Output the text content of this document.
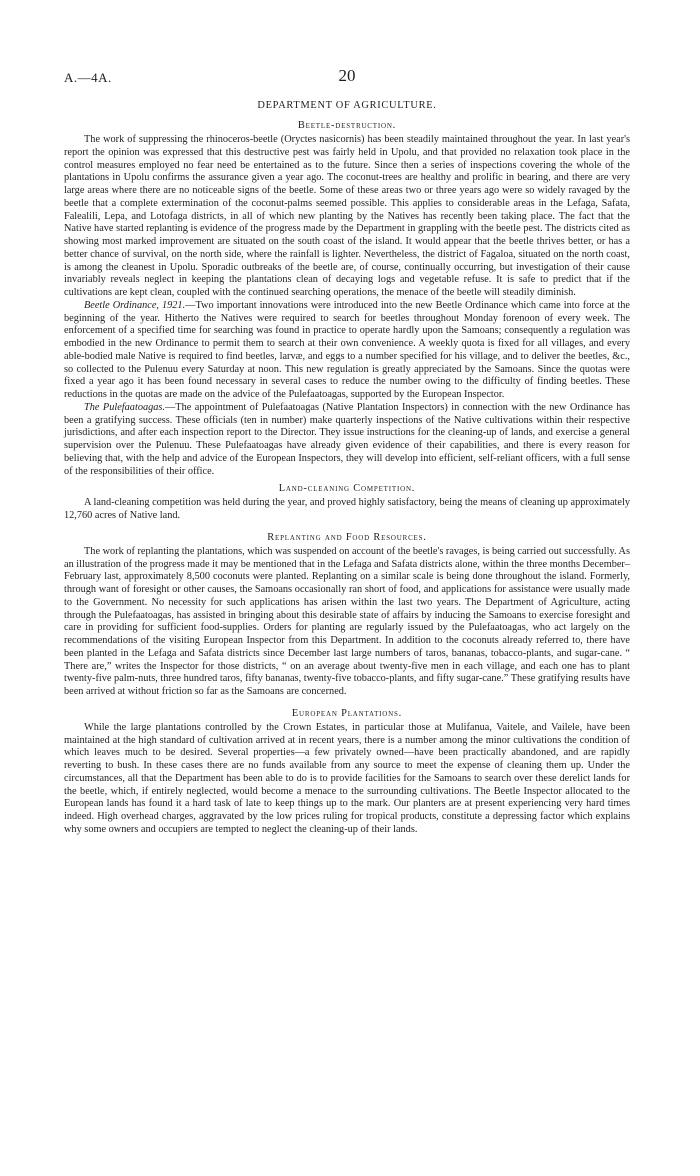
A.—4A.	20
DEPARTMENT OF AGRICULTURE.
Beetle-destruction.

The work of suppressing the rhinoceros-beetle (Oryctes nasicornis) has been steadily maintained throughout the year. In last year's report the opinion was expressed that this destructive pest was fairly held in Upolu, and that provided no relaxation took place in the control measures employed no fear need be entertained as to the future. Since then a series of inspections covering the whole of the plantations in Upolu confirms the assurance given a year ago. The coconut-trees are healthy and prolific in bearing, and there are very large areas where there are no noticeable signs of the beetle. Some of these areas two or three years ago were so widely ravaged by the beetle that a complete extermination of the coconut-palms seemed possible. This applies to considerable areas in the Lefaga, Safata, Falealili, Lepa, and Lotofaga districts, in all of which new planting by the Natives has recently been taking place. The fact that the Native have started replanting is evidence of the progress made by the Department in grappling with the beetle pest. The districts cited as showing most marked improvement are situated on the south coast of the island. It would appear that the beetle thrives better, or has a better chance of survival, on the north side, where the rainfall is lighter. Nevertheless, the district of Fagaloa, situated on the north coast, is among the cleanest in Upolu. Sporadic outbreaks of the beetle are, of course, continually occurring, but investigation of their cause invariably reveals neglect in keeping the plantations clean of decaying logs and vegetable refuse. It is safe to predict that if the cultivations are kept clean, coupled with the continued searching operations, the menace of the beetle will steadily diminish.

Beetle Ordinance, 1921.—Two important innovations were introduced into the new Beetle Ordinance which came into force at the beginning of the year. Hitherto the Natives were required to search for beetles throughout Monday forenoon of every week. The enforcement of a specified time for searching was found in practice to operate hardly upon the Samoans; consequently a regulation was embodied in the new Ordinance to permit them to search at their own convenience. A weekly quota is fixed for all villages, and every able-bodied male Native is required to find beetles, larvæ, and eggs to a number specified for his village, and to deliver the beetles, &c., so collected to the Pulenuu every Saturday at noon. This new regulation is greatly appreciated by the Samoans. Since the quotas were fixed a year ago it has been found necessary in several cases to reduce the number owing to the difficulty of finding beetles. These reductions in the quotas are made on the advice of the Pulefaatoagas, supported by the European Inspector.

The Pulefaatoagas.—The appointment of Pulefaatoagas (Native Plantation Inspectors) in connection with the new Ordinance has been a gratifying success. These officials (ten in number) make quarterly inspections of the Native cultivations within their respective jurisdictions, and after each inspection report to the Director. They issue instructions for the cleaning-up of lands, and exercise a general supervision over the Pulenuu. These Pulefaatoagas have already given evidence of their capabilities, and there is every reason for believing that, with the help and advice of the European Inspectors, they will develop into efficient, self-reliant officers, with a full sense of the responsibilities of their office.

Land-cleaning Competition.

A land-cleaning competition was held during the year, and proved highly satisfactory, being the means of cleaning up approximately 12,760 acres of Native land.

Replanting and Food Resources.

The work of replanting the plantations, which was suspended on account of the beetle's ravages, is being carried out successfully. As an illustration of the progress made it may be mentioned that in the Lefaga and Safata districts alone, within the three months December–February last, approximately 8,500 coconuts were planted. Replanting on a similar scale is being done throughout the island. Formerly, through want of foresight or other causes, the Samoans occasionally ran short of food, and applications for assistance were usually made to the Government. No necessity for such applications has arisen within the last two years. The Department of Agriculture, acting through the Pulefaatoagas, has assisted in bringing about this desirable state of affairs by inducing the Samoans to exercise foresight and care in providing for sufficient food-supplies. Orders for planting are regularly issued by the Pulefaatoagas, who act largely on the recommendations of the visiting European Inspector from this Department. In addition to the coconuts already referred to, there have been planted in the Lefaga and Safata districts since December last large numbers of taros, bananas, tobacco-plants, and sugar-cane. “ There are,” writes the Inspector for those districts, “ on an average about twenty-five men in each village, and each one has to plant twenty-five palm-nuts, three hundred taros, fifty bananas, twenty-five tobacco-plants, and fifty sugar-cane.” These gratifying results have been arrived at without friction so far as the Samoans are concerned.

European Plantations.

While the large plantations controlled by the Crown Estates, in particular those at Mulifanua, Vaitele, and Vailele, have been maintained at the high standard of cultivation arrived at in recent years, there is a number among the minor cultivations the condition of which leaves much to be desired. Several properties—a few privately owned—have been practically abandoned, and are rapidly reverting to bush. In these cases there are no funds available from any source to meet the expense of cleaning them up. Under the circumstances, all that the Department has been able to do is to provide facilities for the Samoans to search over these derelict lands for the beetle, which, if entirely neglected, would become a menace to the surrounding cultivations. The Beetle Inspector allocated to the European lands has found it a hard task of late to keep things up to the mark. Our planters are at present experiencing very hard times indeed. High overhead charges, aggravated by the low prices ruling for tropical products, constitute a depressing factor which explains why some owners and occupiers are tempted to neglect the cleaning-up of their lands.
